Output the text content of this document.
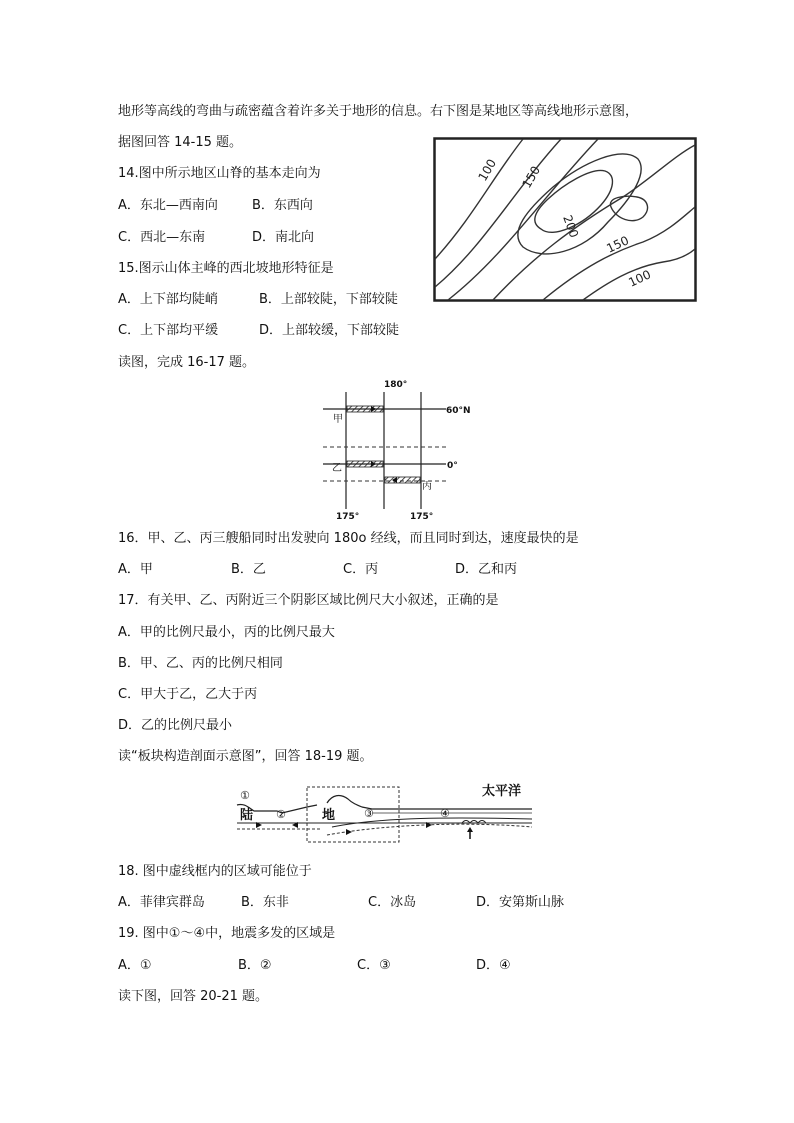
地形等高线的弯曲与疏密蕴含着许多关于地形的信息。右下图是某地区等高线地形示意图，
据图回答 14-15 题。
14.图中所示地区山脊的基本走向为
A．东北—西南向	B．东西向
C．西北—东南	D．南北向
15.图示山体主峰的西北坡地形特征是
A．上下部均陡峭	B．上部较陡，下部较陡
C．上下部均平缓	D．上部较缓，下部较陡
100 150
200
150
100
读图，完成 16-17 题。
180°
60°N
0°
175°	175°
甲
乙
丙
16．甲、乙、丙三艘船同时出发驶向 180o 经线，而且同时到达，速度最快的是
A．甲	B．乙	C．丙	D．乙和丙
17．有关甲、乙、丙附近三个阴影区域比例尺大小叙述，正确的是
A．甲的比例尺最小，丙的比例尺最大
B．甲、乙、丙的比例尺相同
C．甲大于乙，乙大于丙
D．乙的比例尺最小
读“板块构造剖面示意图”，回答 18-19 题。
太平洋
陆	地
①
②	③	④
18. 图中虚线框内的区域可能位于
A．菲律宾群岛	B．东非	C．冰岛	D．安第斯山脉
19. 图中①～④中，地震多发的区域是
A．①	B．②	C．③	D．④
读下图，回答 20-21 题。
